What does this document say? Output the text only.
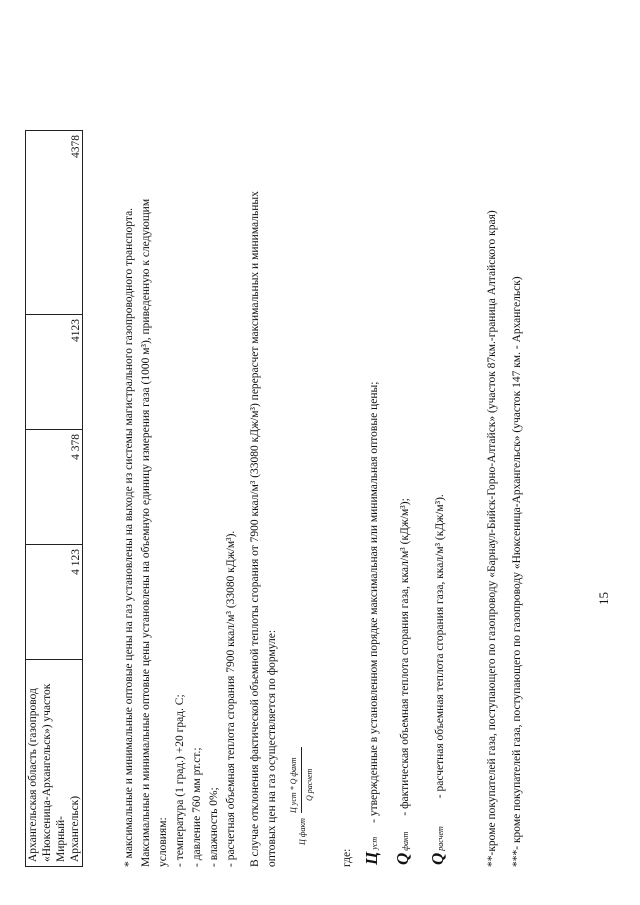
Архангельская область (газопровод «Нюксеница-Архангельск») участок Мирный- Архангельск)	4 123	4 378	4123	4378
* максимальные и минимальные оптовые цены на газ установлены на выходе из системы магистрального газопроводного транспорта. Максимальные и минимальные оптовые цены установлены на объемную единицу измерения газа (1000 м³), приведенную к следующим условиям: - температура (1 град.) +20 град. С; - давление 760 мм рт.ст.; - влажность 0%; - расчетная объемная теплота сгорания 7900 ккал/м³ (33080 кДж/м³). В случае отклонения фактической объемной теплоты сгорания от 7900 ккал/м³ (33080 кДж/м³) перерасчет максимальных и минимальных оптовых цен на газ осуществляется по формуле:	Ц факт
Ц уст * Q факт Q расчет
где: Цуст - утвержденные в установленном порядке максимальная или минимальная оптовые цены;
Qфакт - фактическая объемная теплота сгорания газа, ккал/м³ (кДж/м³);
Qрасчет - расчетная объемная теплота сгорания газа, ккал/м³ (кДж/м³).	**-кроме покупателей газа, поступающего по газопроводу «Барнаул-Бийск-Горно-Алтайск» (участок 87км.-граница Алтайского края) ***- кроме покупателей газа, поступающего по газопроводу «Нюксеница-Архангельск» (участок 147 км. - Архангельск)	15
